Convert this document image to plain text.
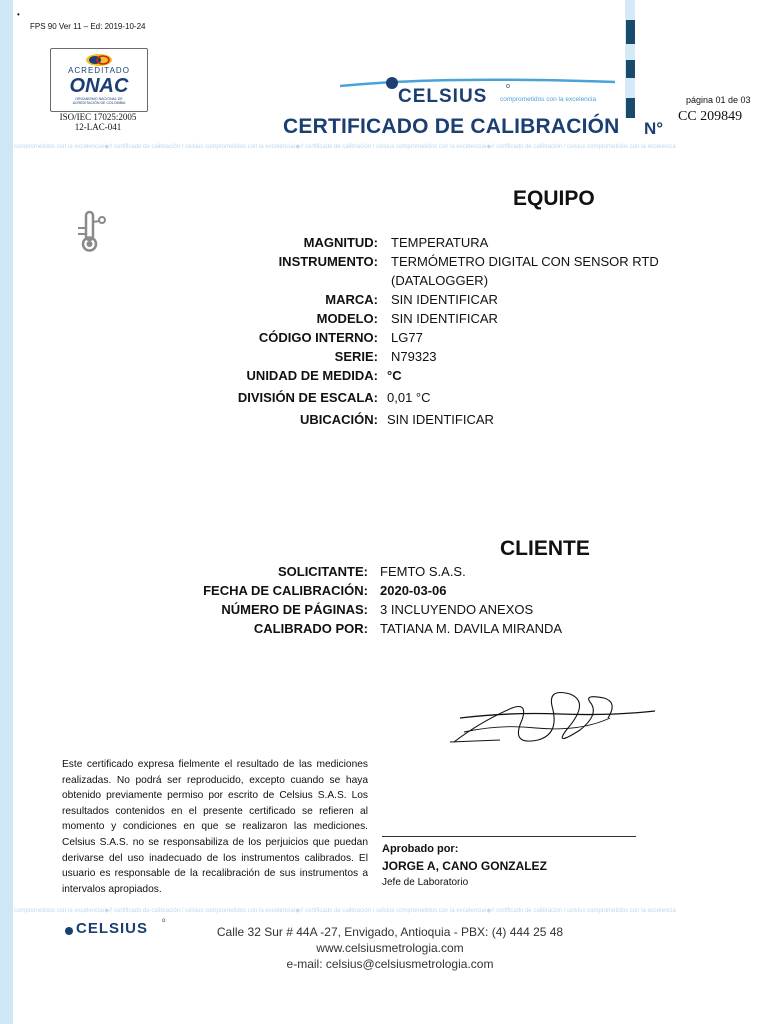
•
FPS 90 Ver 11 – Ed: 2019-10-24
ACREDITADO
ONAC
ORGANISMO NACIONAL DE ACREDITACIÓN DE COLOMBIA
ISO/IEC 17025:2005
12-LAC-041
CELSIUS	o
comprometidos con la excelencia
CERTIFICADO DE CALIBRACIÓN N°
página 01 de 03
CC 209849
comprometidos con la excelencia/◆// certificado de calibración / celsius comprometidos con la excelencia/◆// certificado de calibración / celsius comprometidos con la excelencia/◆// certificado de calibración / celsius comprometidos con la excelencia
EQUIPO
MAGNITUD: TEMPERATURA
INSTRUMENTO: TERMÓMETRO DIGITAL CON SENSOR RTD
(DATALOGGER)
MARCA: SIN IDENTIFICAR
MODELO: SIN IDENTIFICAR
CÓDIGO INTERNO: LG77
SERIE: N79323
UNIDAD DE MEDIDA: °C
DIVISIÓN DE ESCALA: 0,01 °C
UBICACIÓN: SIN IDENTIFICAR
CLIENTE
SOLICITANTE: FEMTO S.A.S.
FECHA DE CALIBRACIÓN: 2020-03-06
NÚMERO DE PÁGINAS: 3 INCLUYENDO ANEXOS
CALIBRADO POR: TATIANA M. DAVILA MIRANDA
Este certificado expresa fielmente el resultado de las mediciones realizadas. No podrá ser reproducido, excepto cuando se haya obtenido previamente permiso por escrito de Celsius S.A.S. Los resultados contenidos en el presente certificado se refieren al momento y condiciones en que se realizaron las mediciones. Celsius S.A.S. no se responsabiliza de los perjuicios que puedan derivarse del uso inadecuado de los instrumentos calibrados. El usuario es responsable de la recalibración de sus instrumentos a intervalos apropiados.
Aprobado por:
JORGE A, CANO GONZALEZ
Jefe de Laboratorio
comprometidos con la excelencia/◆// certificado de calibración / celsius comprometidos con la excelencia/◆// certificado de calibración / celsius comprometidos con la excelencia/◆// certificado de calibración / celsius comprometidos con la excelencia
CELSIUS o
Calle 32 Sur # 44A -27, Envigado, Antioquia - PBX: (4) 444 25 48
www.celsiusmetrologia.com
e-mail: celsius@celsiusmetrologia.com
